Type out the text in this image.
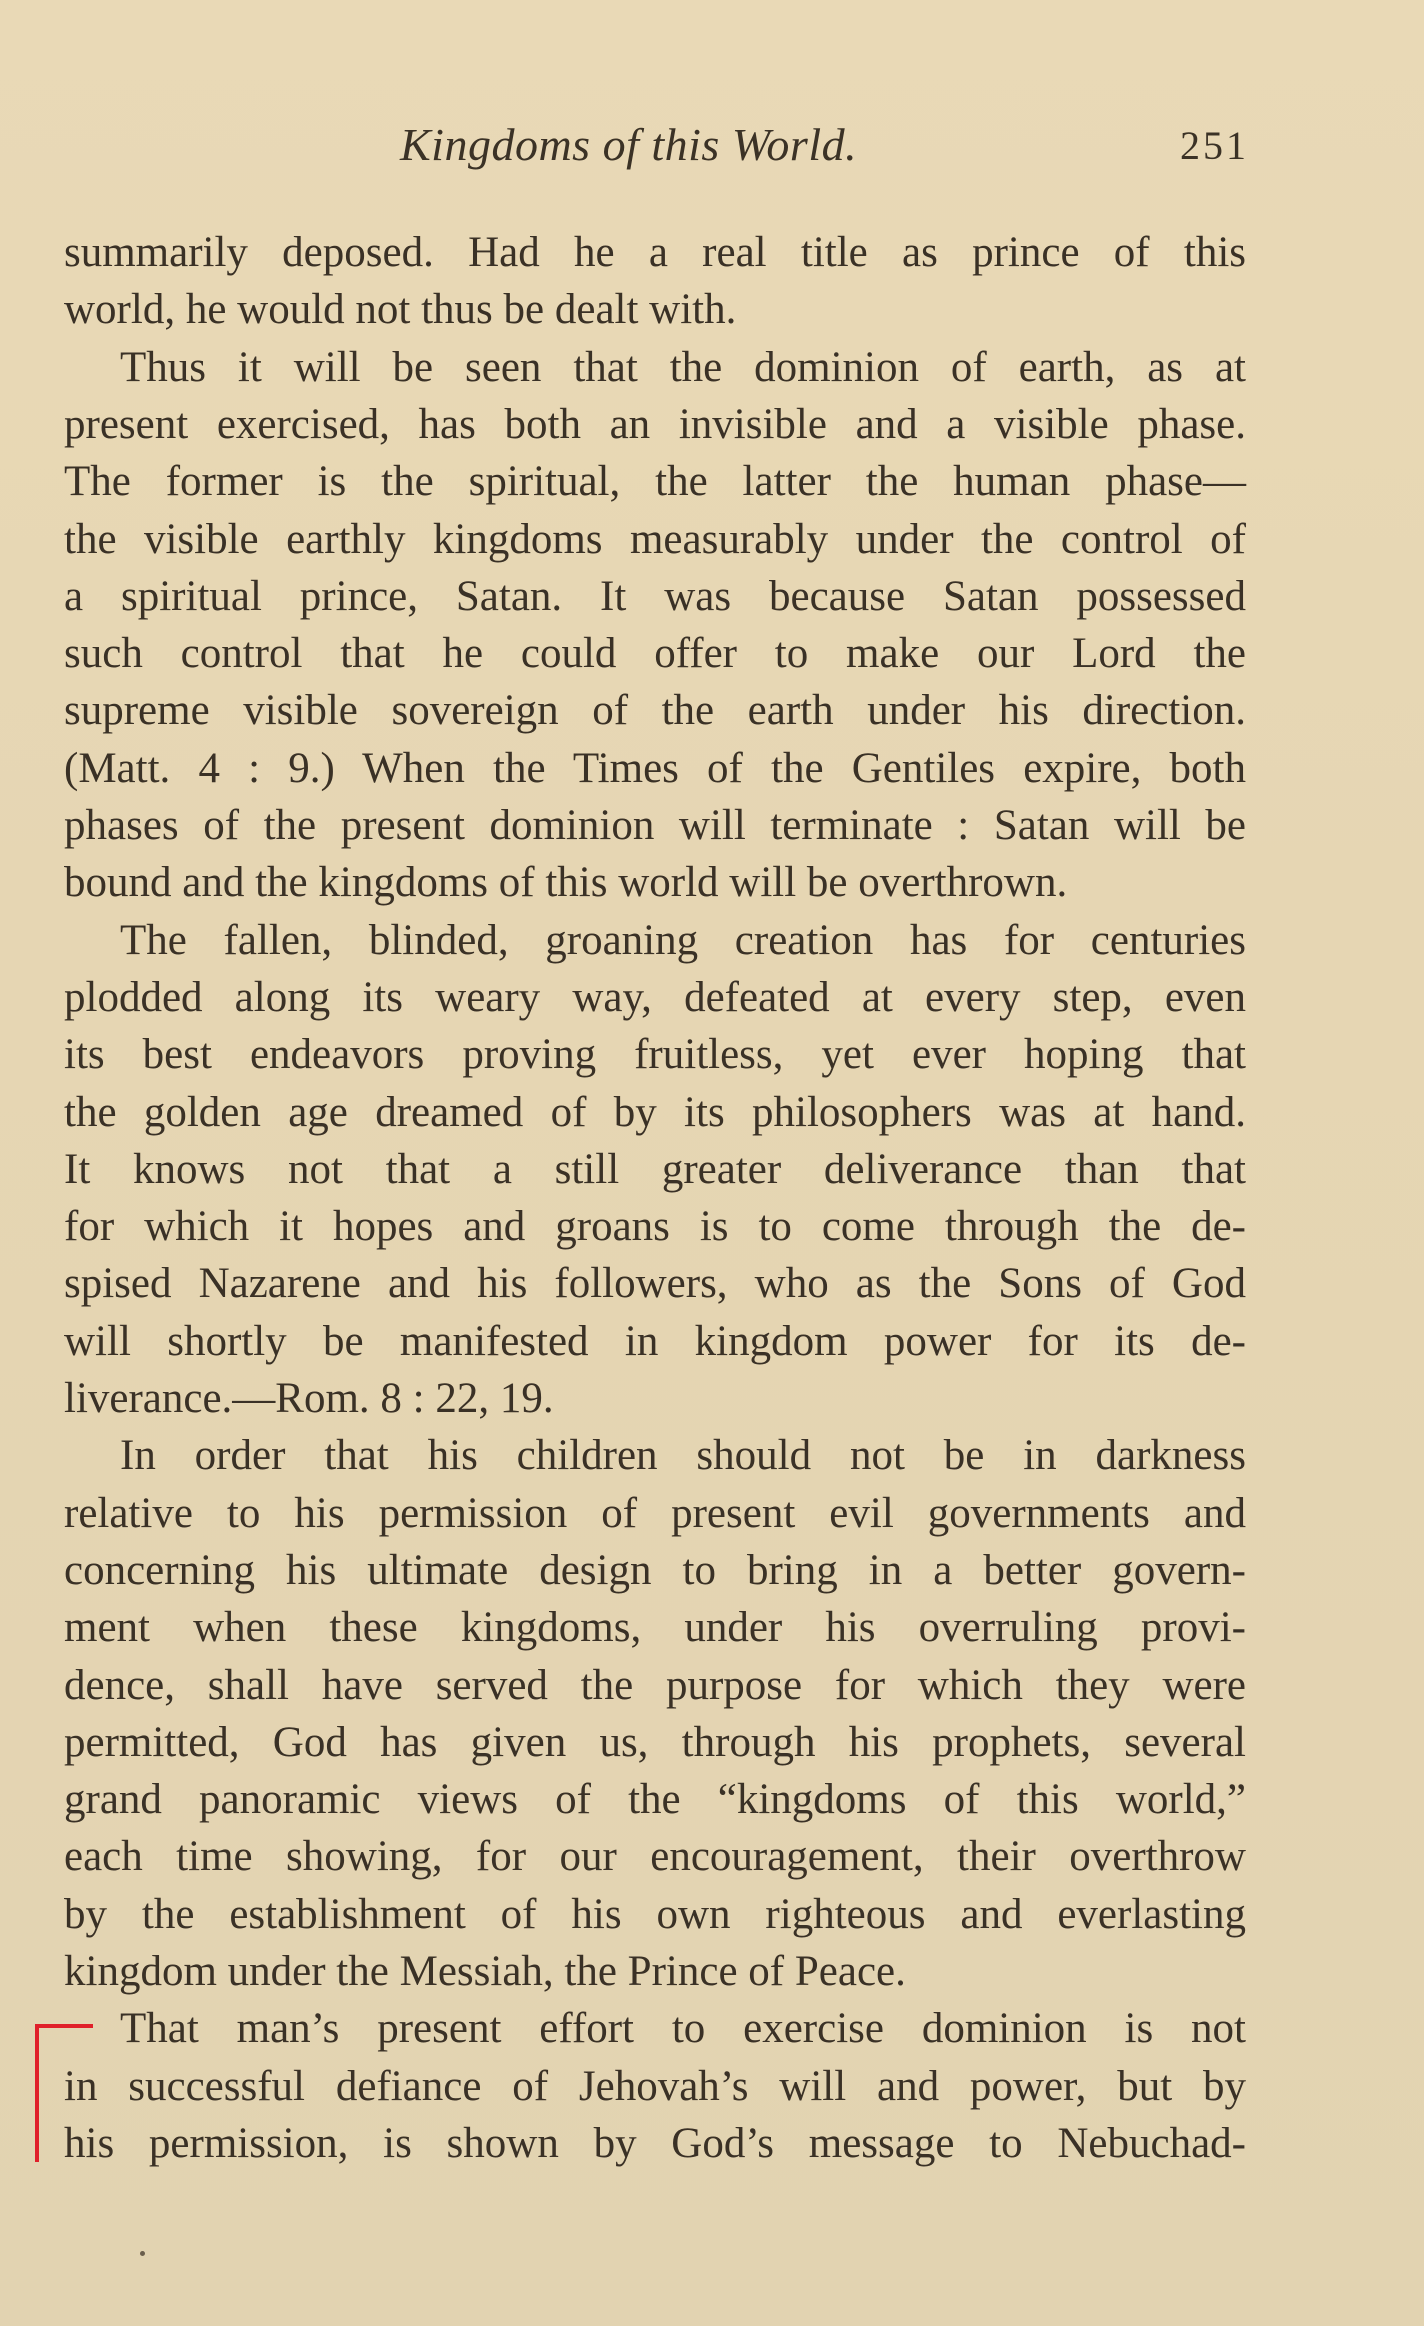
Kingdoms of this World.	251
summarily deposed. Had he a real title as prince of this
world, he would not thus be dealt with.
Thus it will be seen that the dominion of earth, as at
present exercised, has both an invisible and a visible phase.
The former is the spiritual, the latter the human phase—
the visible earthly kingdoms measurably under the control of
a spiritual prince, Satan. It was because Satan possessed
such control that he could offer to make our Lord the
supreme visible sovereign of the earth under his direction.
(Matt. 4 : 9.) When the Times of the Gentiles expire, both
phases of the present dominion will terminate : Satan will be
bound and the kingdoms of this world will be overthrown.
The fallen, blinded, groaning creation has for centuries
plodded along its weary way, defeated at every step, even
its best endeavors proving fruitless, yet ever hoping that
the golden age dreamed of by its philosophers was at hand.
It knows not that a still greater deliverance than that
for which it hopes and groans is to come through the de-
spised Nazarene and his followers, who as the Sons of God
will shortly be manifested in kingdom power for its de-
liverance.—Rom. 8 : 22, 19.
In order that his children should not be in darkness
relative to his permission of present evil governments and
concerning his ultimate design to bring in a better govern-
ment when these kingdoms, under his overruling provi-
dence, shall have served the purpose for which they were
permitted, God has given us, through his prophets, several
grand panoramic views of the “kingdoms of this world,”
each time showing, for our encouragement, their overthrow
by the establishment of his own righteous and everlasting
kingdom under the Messiah, the Prince of Peace.
That man’s present effort to exercise dominion is not
in successful defiance of Jehovah’s will and power, but by
his permission, is shown by God’s message to Nebuchad-
